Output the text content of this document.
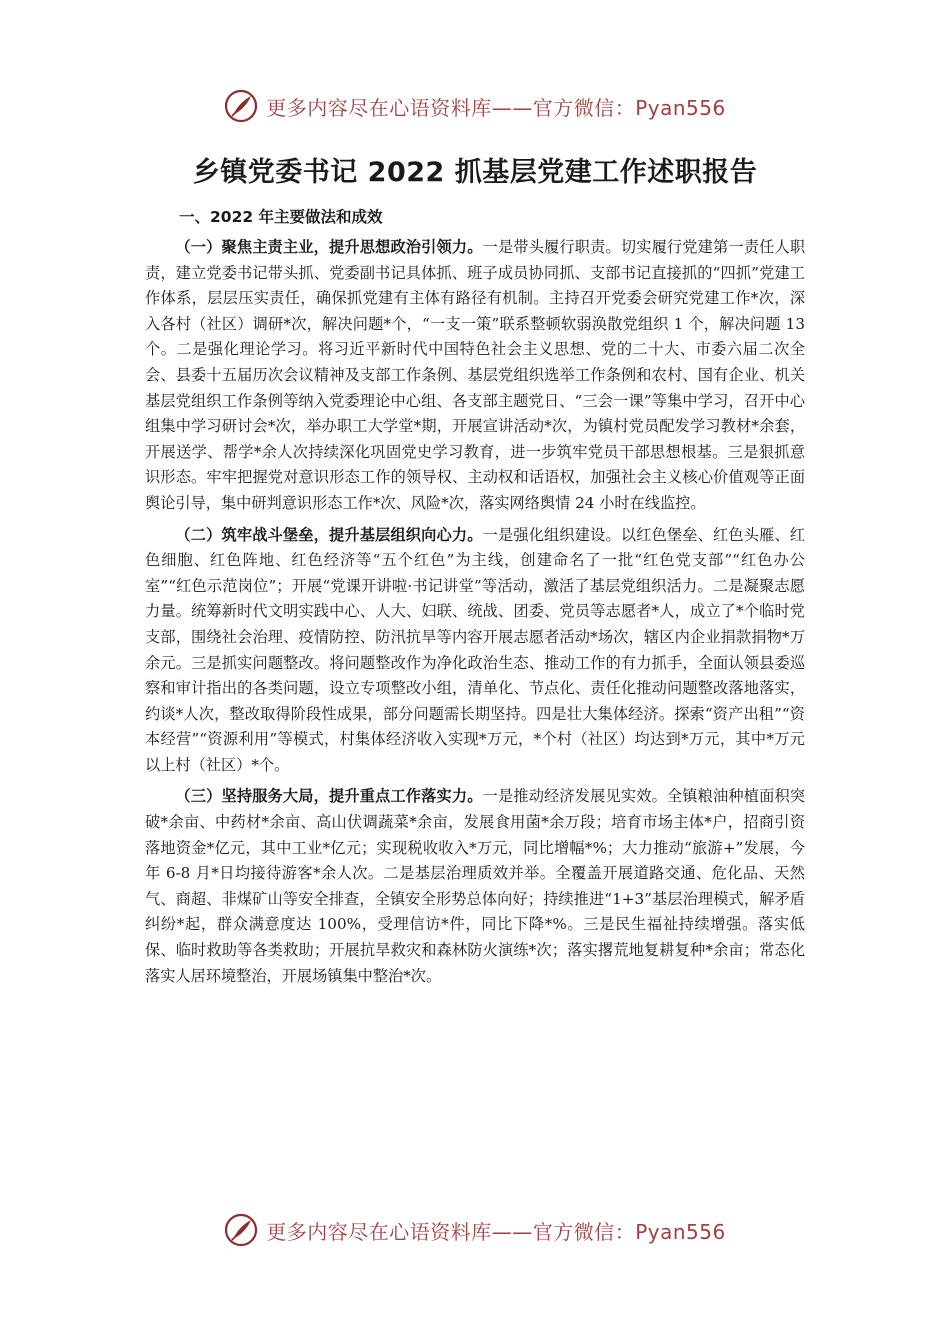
更多内容尽在心语资料库——官方微信：Pyan556
乡镇党委书记 2022 抓基层党建工作述职报告

一、2022 年主要做法和成效

（一）聚焦主责主业，提升思想政治引领力。一是带头履行职责。切实履行党建第一责任人职责，建立党委书记带头抓、党委副书记具体抓、班子成员协同抓、支部书记直接抓的“四抓”党建工作体系，层层压实责任，确保抓党建有主体有路径有机制。主持召开党委会研究党建工作*次，深入各村（社区）调研*次，解决问题*个，“一支一策”联系整顿软弱涣散党组织 1 个，解决问题 13 个。二是强化理论学习。将习近平新时代中国特色社会主义思想、党的二十大、市委六届二次全会、县委十五届历次会议精神及支部工作条例、基层党组织选举工作条例和农村、国有企业、机关基层党组织工作条例等纳入党委理论中心组、各支部主题党日、“三会一课”等集中学习，召开中心组集中学习研讨会*次，举办职工大学堂*期，开展宣讲活动*次，为镇村党员配发学习教材*余套，开展送学、帮学*余人次持续深化巩固党史学习教育，进一步筑牢党员干部思想根基。三是狠抓意识形态。牢牢把握党对意识形态工作的领导权、主动权和话语权，加强社会主义核心价值观等正面舆论引导，集中研判意识形态工作*次、风险*次，落实网络舆情 24 小时在线监控。

（二）筑牢战斗堡垒，提升基层组织向心力。一是强化组织建设。以红色堡垒、红色头雁、红色细胞、红色阵地、红色经济等“五个红色”为主线，创建命名了一批“红色党支部”“红色办公室”“红色示范岗位”；开展“党课开讲啦·书记讲堂”等活动，激活了基层党组织活力。二是凝聚志愿力量。统筹新时代文明实践中心、人大、妇联、统战、团委、党员等志愿者*人，成立了*个临时党支部，围绕社会治理、疫情防控、防汛抗旱等内容开展志愿者活动*场次，辖区内企业捐款捐物*万余元。三是抓实问题整改。将问题整改作为净化政治生态、推动工作的有力抓手，全面认领县委巡察和审计指出的各类问题，设立专项整改小组，清单化、节点化、责任化推动问题整改落地落实，约谈*人次，整改取得阶段性成果，部分问题需长期坚持。四是壮大集体经济。探索“资产出租”“资本经营”“资源利用”等模式，村集体经济收入实现*万元，*个村（社区）均达到*万元，其中*万元以上村（社区）*个。

（三）坚持服务大局，提升重点工作落实力。一是推动经济发展见实效。全镇粮油种植面积突破*余亩、中药材*余亩、高山伏调蔬菜*余亩，发展食用菌*余万段；培育市场主体*户，招商引资落地资金*亿元，其中工业*亿元；实现税收收入*万元，同比增幅*%；大力推动“旅游+”发展，今年 6-8 月*日均接待游客*余人次。二是基层治理质效并举。全覆盖开展道路交通、危化品、天然气、商超、非煤矿山等安全排查，全镇安全形势总体向好；持续推进“1+3”基层治理模式，解矛盾纠纷*起，群众满意度达 100%，受理信访*件，同比下降*%。三是民生福祉持续增强。落实低保、临时救助等各类救助；开展抗旱救灾和森林防火演练*次；落实撂荒地复耕复种*余亩；常态化落实人居环境整治，开展场镇集中整治*次。

更多内容尽在心语资料库——官方微信：Pyan556
